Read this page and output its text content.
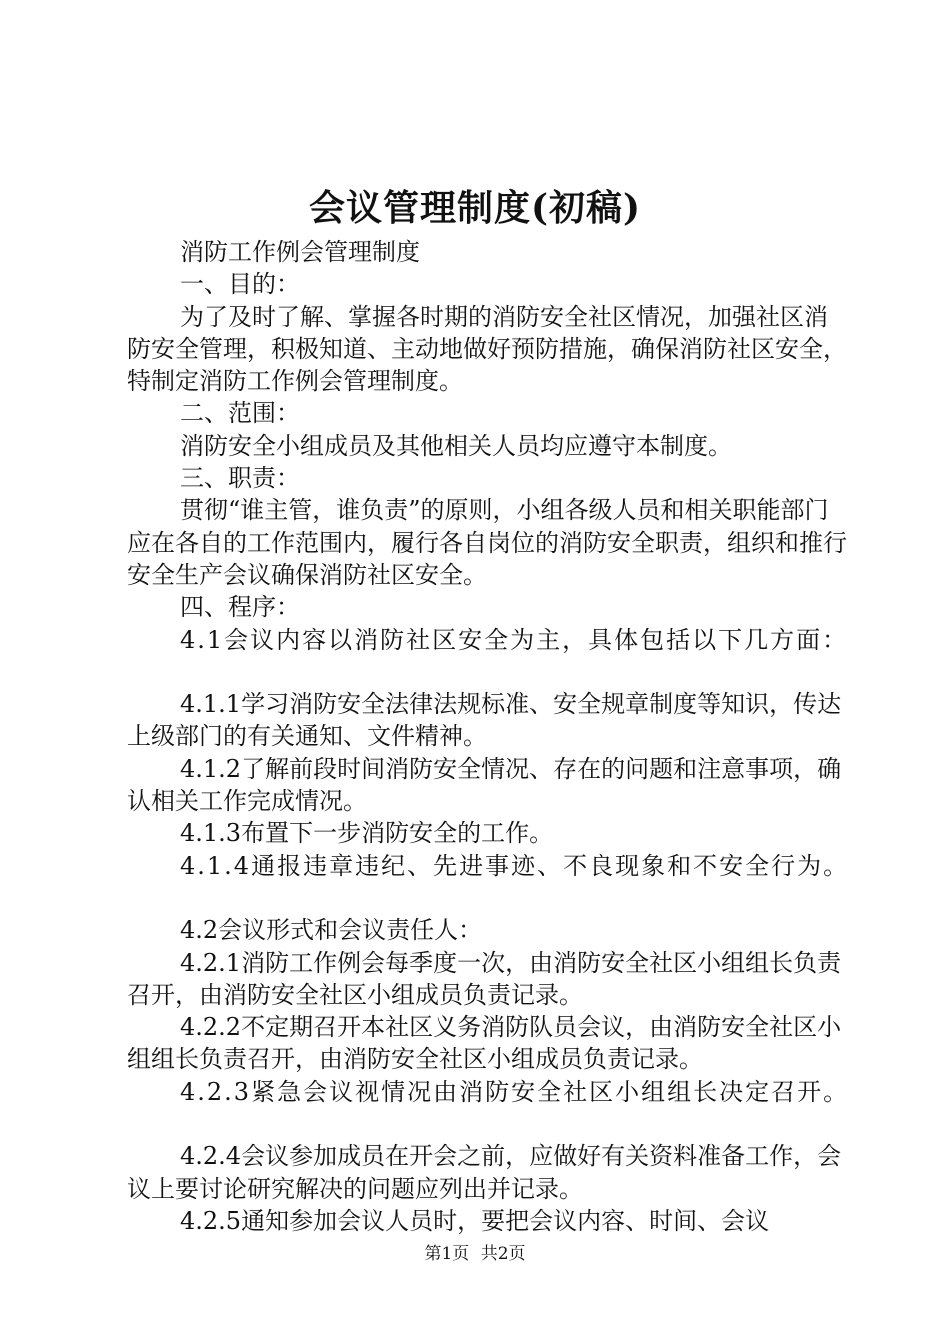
会议管理制度(初稿)

消防工作例会管理制度

一、目的：

为了及时了解、掌握各时期的消防安全社区情况，加强社区消防安全管理，积极知道、主动地做好预防措施，确保消防社区安全，特制定消防工作例会管理制度。

二、范围：

消防安全小组成员及其他相关人员均应遵守本制度。

三、职责：

贯彻“谁主管，谁负责”的原则，小组各级人员和相关职能部门应在各自的工作范围内，履行各自岗位的消防安全职责，组织和推行安全生产会议确保消防社区安全。

四、程序：

4.1会议内容以消防社区安全为主，具体包括以下几方面：

4.1.1学习消防安全法律法规标准、安全规章制度等知识，传达上级部门的有关通知、文件精神。

4.1.2了解前段时间消防安全情况、存在的问题和注意事项，确认相关工作完成情况。

4.1.3布置下一步消防安全的工作。

4.1.4通报违章违纪、先进事迹、不良现象和不安全行为。

4.2会议形式和会议责任人：

4.2.1消防工作例会每季度一次，由消防安全社区小组组长负责召开，由消防安全社区小组成员负责记录。

4.2.2不定期召开本社区义务消防队员会议，由消防安全社区小组组长负责召开，由消防安全社区小组成员负责记录。

4.2.3紧急会议视情况由消防安全社区小组组长决定召开。

4.2.4会议参加成员在开会之前，应做好有关资料准备工作，会议上要讨论研究解决的问题应列出并记录。

4.2.5通知参加会议人员时，要把会议内容、时间、会议

第1页 共2页
